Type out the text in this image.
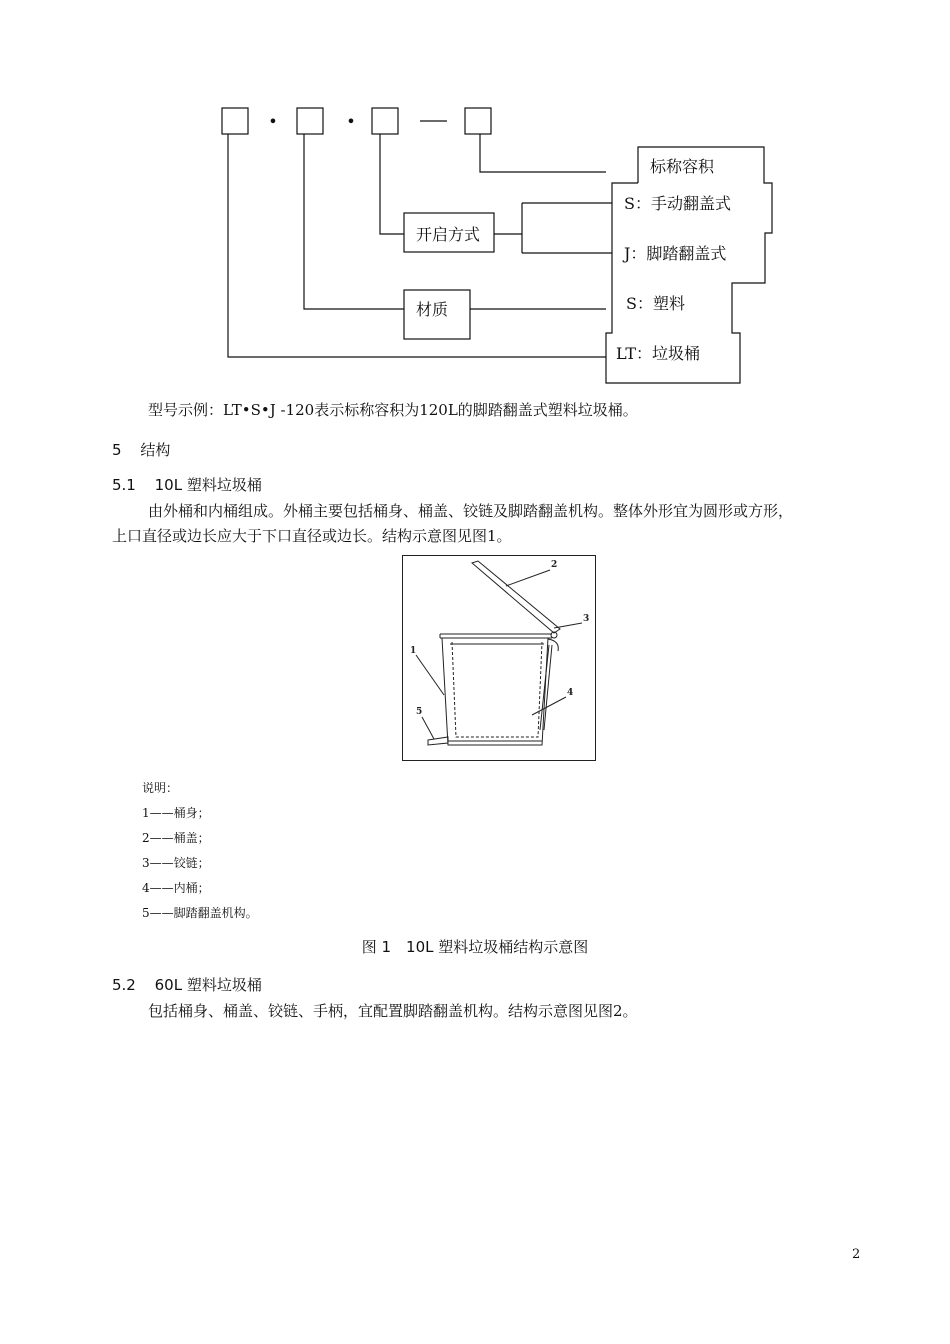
•	•
标称容积
S：手动翻盖式
J：脚踏翻盖式
S：塑料
LT：垃圾桶
开启方式
材质
型号示例：LT•S•J -120表示标称容积为120L的脚踏翻盖式塑料垃圾桶。
5 结构
5.1 10L 塑料垃圾桶
由外桶和内桶组成。外桶主要包括桶身、桶盖、铰链及脚踏翻盖机构。整体外形宜为圆形或方形，
上口直径或边长应大于下口直径或边长。结构示意图见图1。
1
2
3
4
5
说明：
1——桶身；
2——桶盖；
3——铰链；
4——内桶；
5——脚踏翻盖机构。
图 1　10L 塑料垃圾桶结构示意图
5.2 60L 塑料垃圾桶
包括桶身、桶盖、铰链、手柄，宜配置脚踏翻盖机构。结构示意图见图2。
2
